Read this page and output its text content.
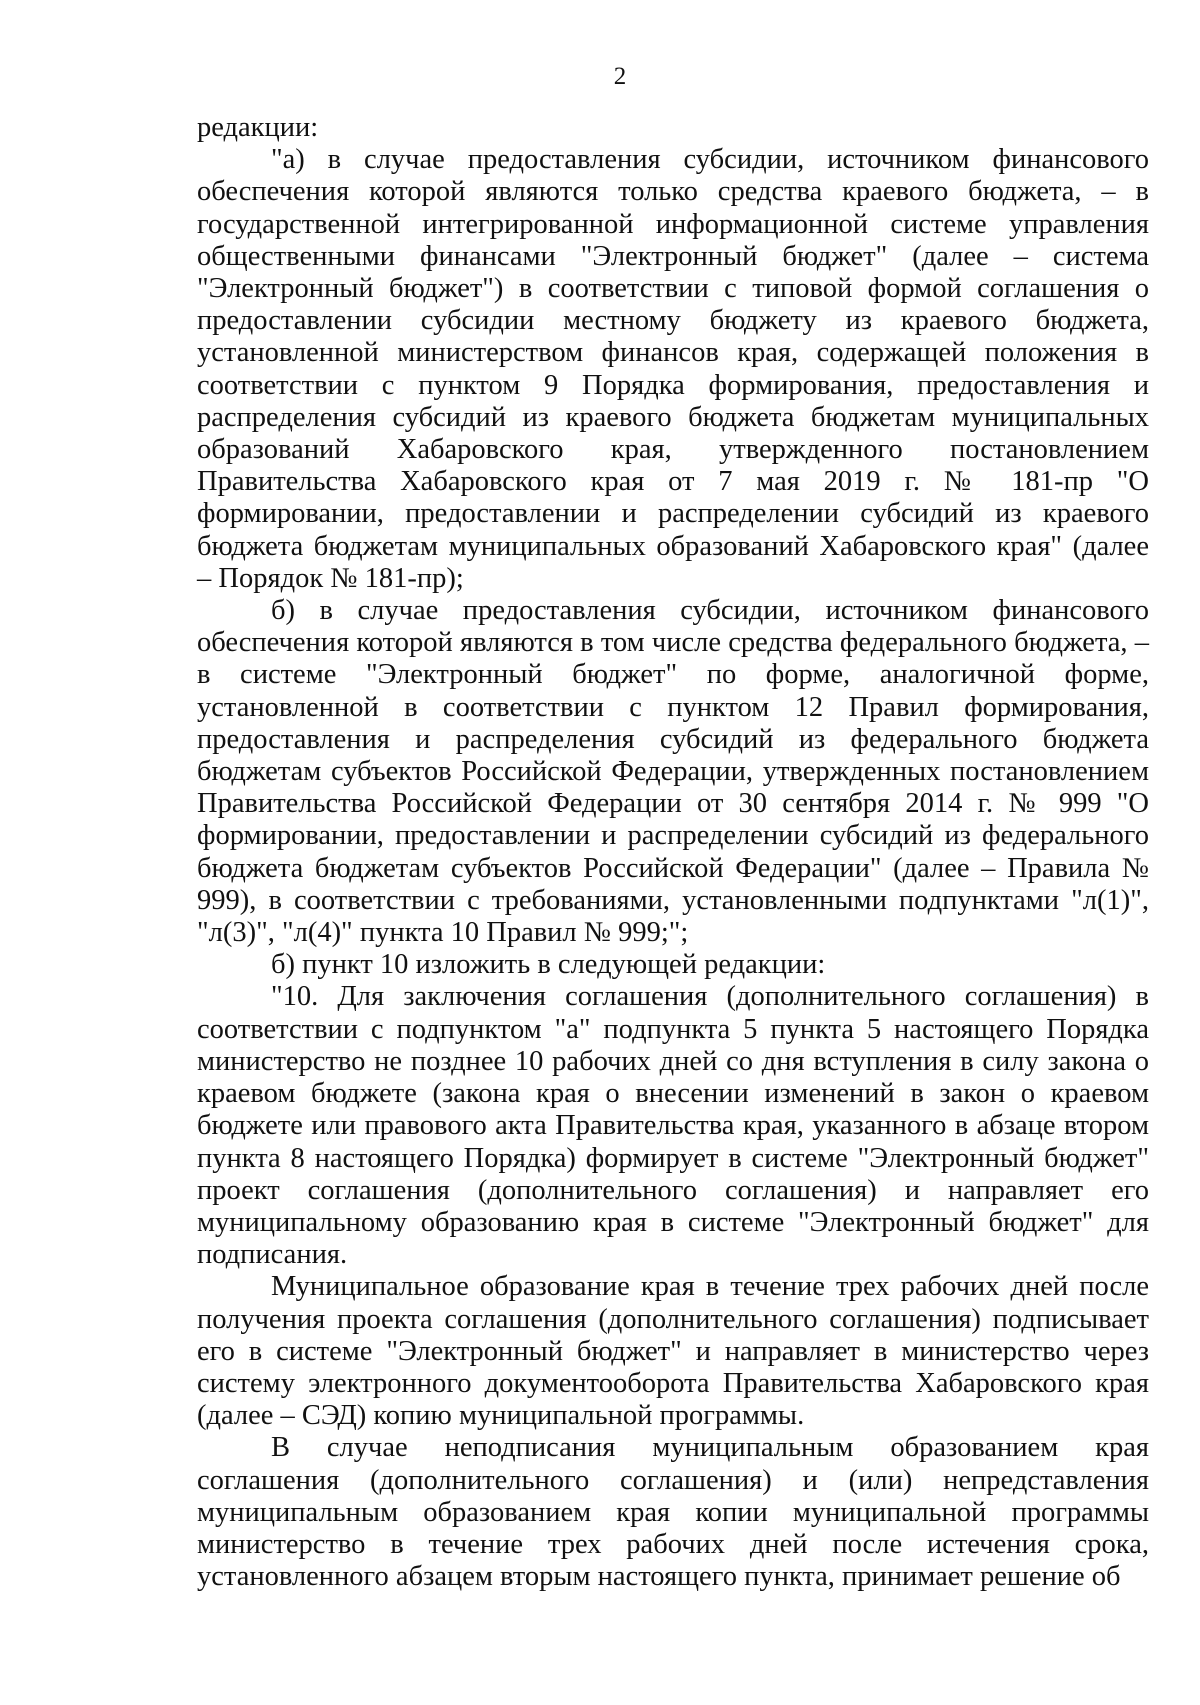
2

редакции:

"а) в случае предоставления субсидии, источником финансового обеспечения которой являются только средства краевого бюджета, – в государственной интегрированной информационной системе управления общественными финансами "Электронный бюджет" (далее – система "Электронный бюджет") в соответствии с типовой формой соглашения о предоставлении субсидии местному бюджету из краевого бюджета, установленной министерством финансов края, содержащей положения в соответствии с пунктом 9 Порядка формирования, предоставления и распределения субсидий из краевого бюджета бюджетам муниципальных образований Хабаровского края, утвержденного постановлением Правительства Хабаровского края от 7 мая 2019 г. № 181-пр "О формировании, предоставлении и распределении субсидий из краевого бюджета бюджетам муниципальных образований Хабаровского края" (далее – Порядок № 181-пр);

б) в случае предоставления субсидии, источником финансового обеспечения которой являются в том числе средства федерального бюджета, – в системе "Электронный бюджет" по форме, аналогичной форме, установленной в соответствии с пунктом 12 Правил формирования, предоставления и распределения субсидий из федерального бюджета бюджетам субъектов Российской Федерации, утвержденных постановлением Правительства Российской Федерации от 30 сентября 2014 г. № 999 "О формировании, предоставлении и распределении субсидий из федерального бюджета бюджетам субъектов Российской Федерации" (далее – Правила № 999), в соответствии с требованиями, установленными подпунктами "л(1)", "л(3)", "л(4)" пункта 10 Правил № 999;";

б) пункт 10 изложить в следующей редакции:

"10. Для заключения соглашения (дополнительного соглашения) в соответствии с подпунктом "а" подпункта 5 пункта 5 настоящего Порядка министерство не позднее 10 рабочих дней со дня вступления в силу закона о краевом бюджете (закона края о внесении изменений в закон о краевом бюджете или правового акта Правительства края, указанного в абзаце втором пункта 8 настоящего Порядка) формирует в системе "Электронный бюджет" проект соглашения (дополнительного соглашения) и направляет его муниципальному образованию края в системе "Электронный бюджет" для подписания.

Муниципальное образование края в течение трех рабочих дней после получения проекта соглашения (дополнительного соглашения) подписывает его в системе "Электронный бюджет" и направляет в министерство через систему электронного документооборота Правительства Хабаровского края (далее – СЭД) копию муниципальной программы.

В случае неподписания муниципальным образованием края соглашения (дополнительного соглашения) и (или) непредставления муниципальным образованием края копии муниципальной программы министерство в течение трех рабочих дней после истечения срока, установленного абзацем вторым настоящего пункта, принимает решение об
